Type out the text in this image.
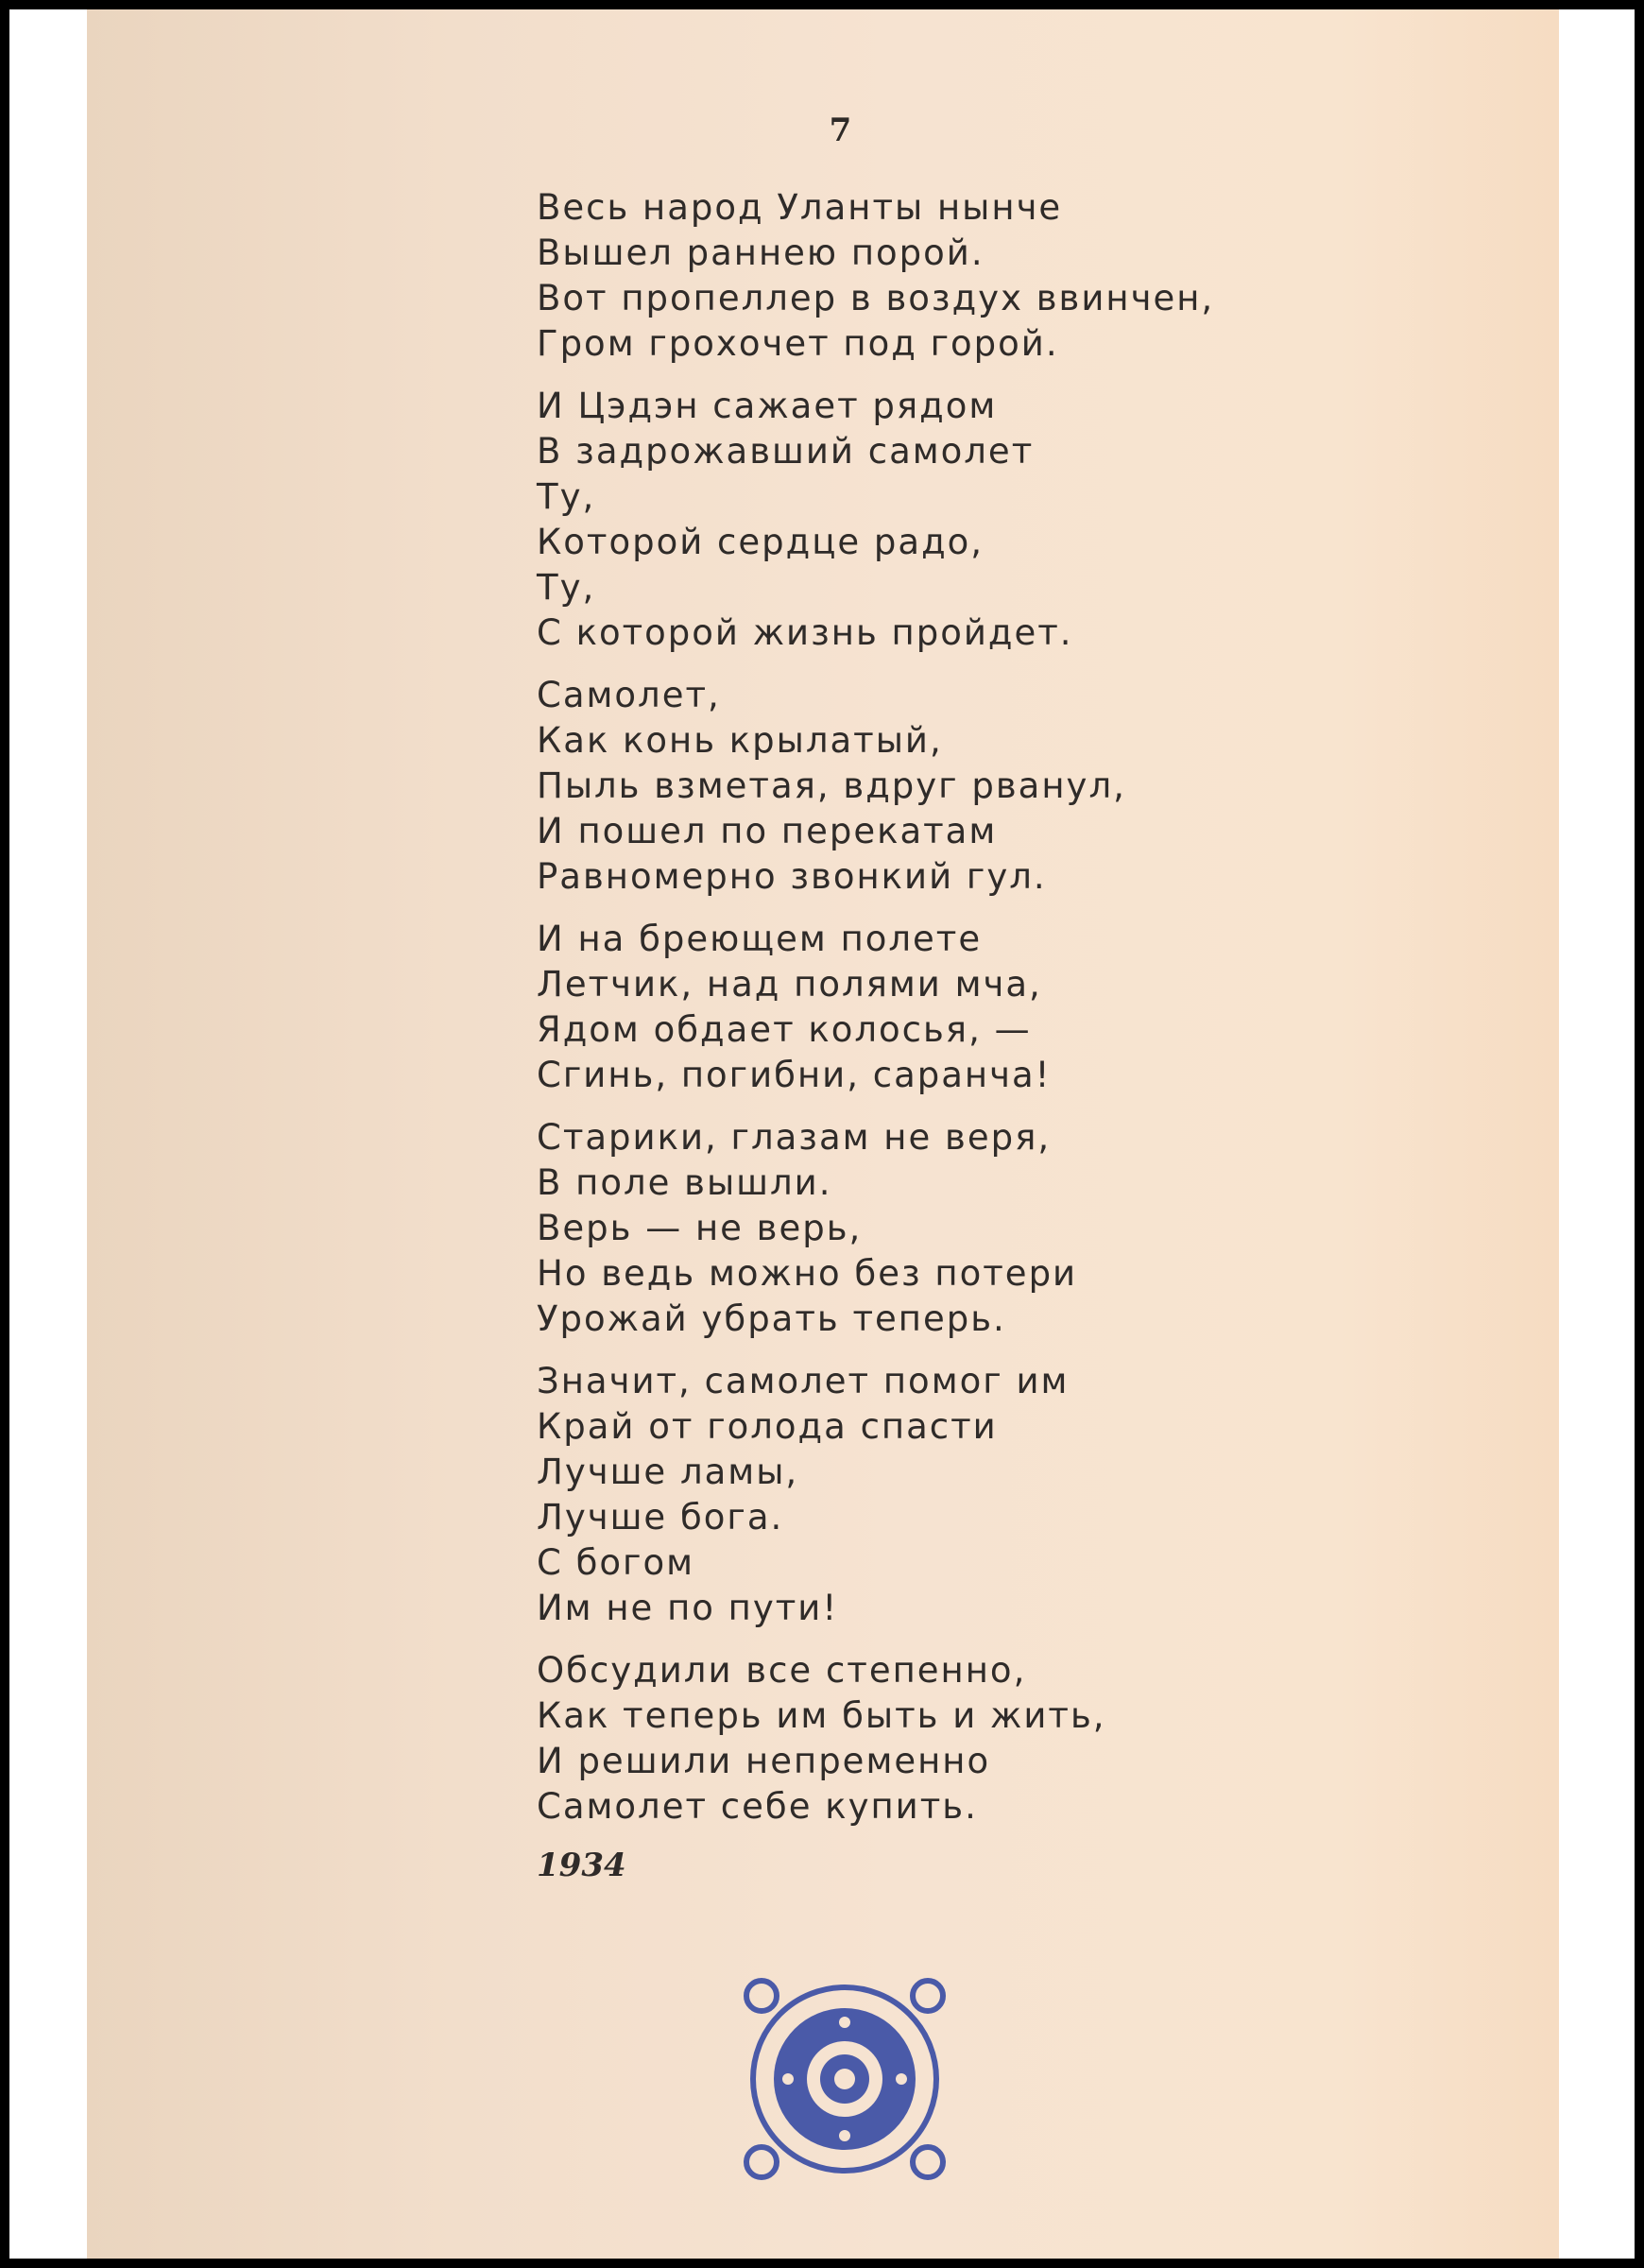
7
Весь народ Уланты нынче
Вышел раннею порой.
Вот пропеллер в воздух ввинчен,
Гром грохочет под горой.
И Цэдэн сажает рядом
В задрожавший самолет
Ту,
Которой сердце радо,
Ту,
С которой жизнь пройдет.
Самолет,
Как конь крылатый,
Пыль взметая, вдруг рванул,
И пошел по перекатам
Равномерно звонкий гул.
И на бреющем полете
Летчик, над полями мча,
Ядом обдает колосья, —
Сгинь, погибни, саранча!
Старики, глазам не веря,
В поле вышли.
Верь — не верь,
Но ведь можно без потери
Урожай убрать теперь.
Значит, самолет помог им
Край от голода спасти
Лучше ламы,
Лучше бога.
С богом
Им не по пути!
Обсудили все степенно,
Как теперь им быть и жить,
И решили непременно
Самолет себе купить.
1934
